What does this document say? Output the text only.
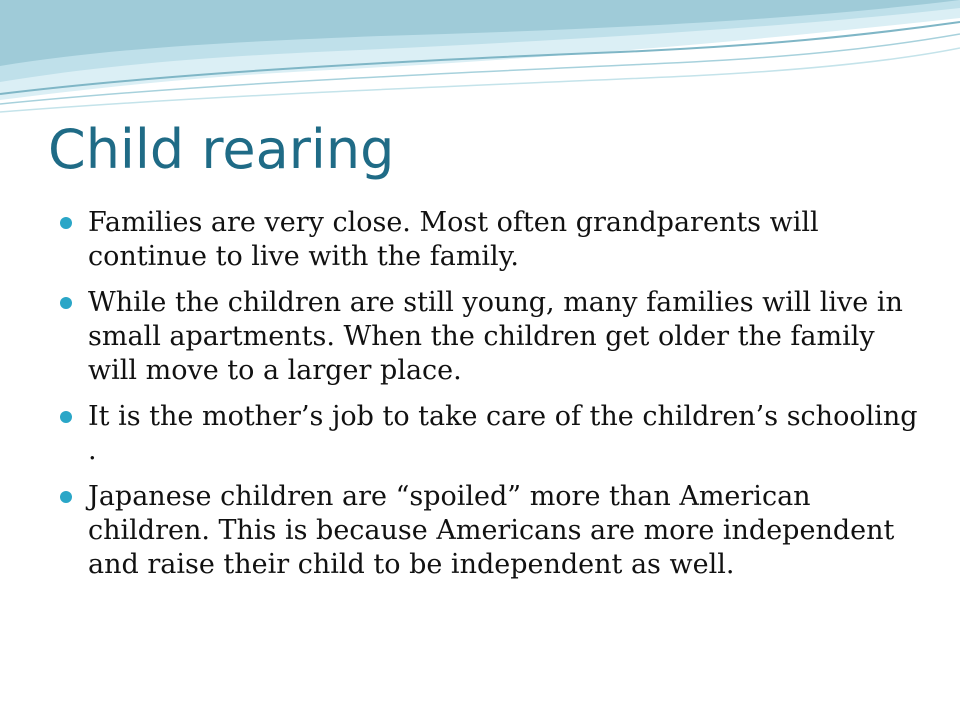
Child rearing
Families are very close. Most often grandparents will continue to live with the family.
While the children are still young, many families will live in small apartments. When the children get older the family will move to a larger place.
It is the mother’s job to take care of the children’s schooling .
Japanese children are “spoiled” more than American children. This is because Americans are more independent and raise their child to be independent as well.
